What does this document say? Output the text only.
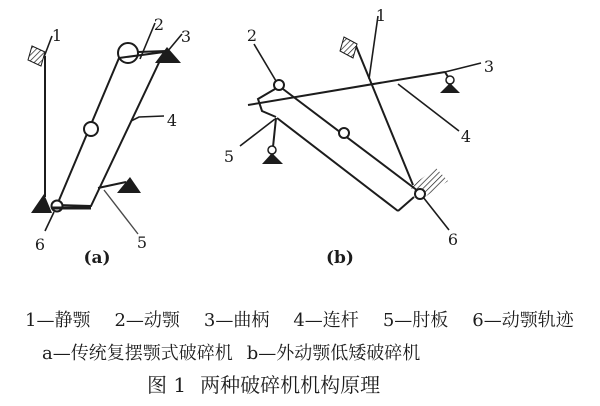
1
2
3
4
5
6
(a)
1
2
3
4
5
6
(b)
1—静颚 2—动颚 3—曲柄 4—连杆 5—肘板 6—动颚轨迹
a—传统复摆颚式破碎机 b—外动颚低矮破碎机
图 1 两种破碎机机构原理
